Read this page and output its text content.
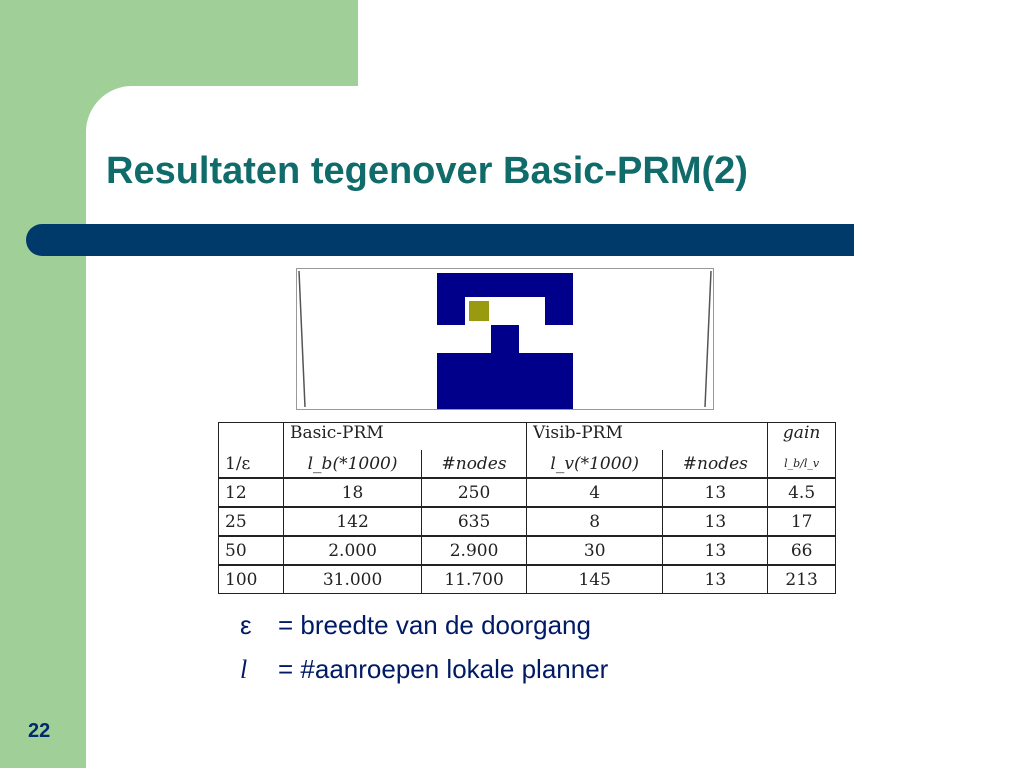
Resultaten tegenover Basic-PRM(2)
	Basic-PRM		Visib-PRM		gain
1/ε	l_b(*1000)	#nodes	l_v(*1000)	#nodes	l_b/l_v
12	18	250	4	13	4.5
25	142	635	8	13	17
50	2.000	2.900	30	13	66
100	31.000	11.700	145	13	213
ε = breedte van de doorgang
l = #aanroepen lokale planner
22
